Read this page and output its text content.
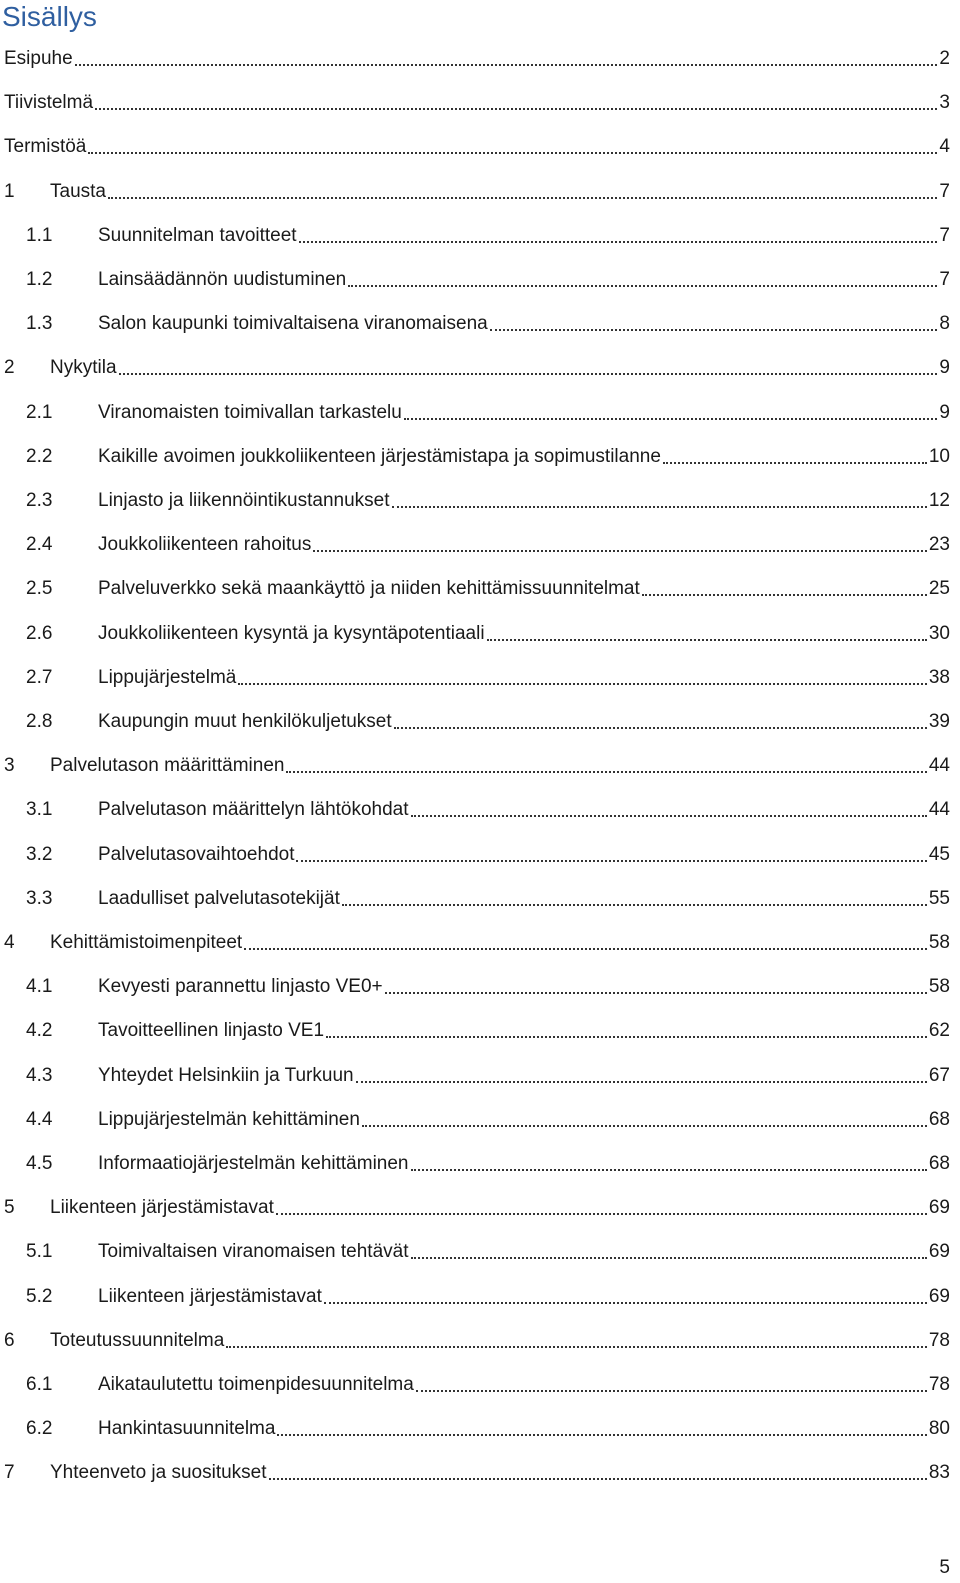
Sisällys
Esipuhe	2
Tiivistelmä	3
Termistöä	4
1	Tausta	7
1.1	Suunnitelman tavoitteet	7
1.2	Lainsäädännön uudistuminen	7
1.3	Salon kaupunki toimivaltaisena viranomaisena	8
2	Nykytila	9
2.1	Viranomaisten toimivallan tarkastelu	9
2.2	Kaikille avoimen joukkoliikenteen järjestämistapa ja sopimustilanne	10
2.3	Linjasto ja liikennöintikustannukset	12
2.4	Joukkoliikenteen rahoitus	23
2.5	Palveluverkko sekä maankäyttö ja niiden kehittämissuunnitelmat	25
2.6	Joukkoliikenteen kysyntä ja kysyntäpotentiaali	30
2.7	Lippujärjestelmä	38
2.8	Kaupungin muut henkilökuljetukset	39
3	Palvelutason määrittäminen	44
3.1	Palvelutason määrittelyn lähtökohdat	44
3.2	Palvelutasovaihtoehdot	45
3.3	Laadulliset palvelutasotekijät	55
4	Kehittämistoimenpiteet	58
4.1	Kevyesti parannettu linjasto VE0+	58
4.2	Tavoitteellinen linjasto VE1	62
4.3	Yhteydet Helsinkiin ja Turkuun	67
4.4	Lippujärjestelmän kehittäminen	68
4.5	Informaatiojärjestelmän kehittäminen	68
5	Liikenteen järjestämistavat	69
5.1	Toimivaltaisen viranomaisen tehtävät	69
5.2	Liikenteen järjestämistavat	69
6	Toteutussuunnitelma	78
6.1	Aikataulutettu toimenpidesuunnitelma	78
6.2	Hankintasuunnitelma	80
7	Yhteenveto ja suositukset	83
5
